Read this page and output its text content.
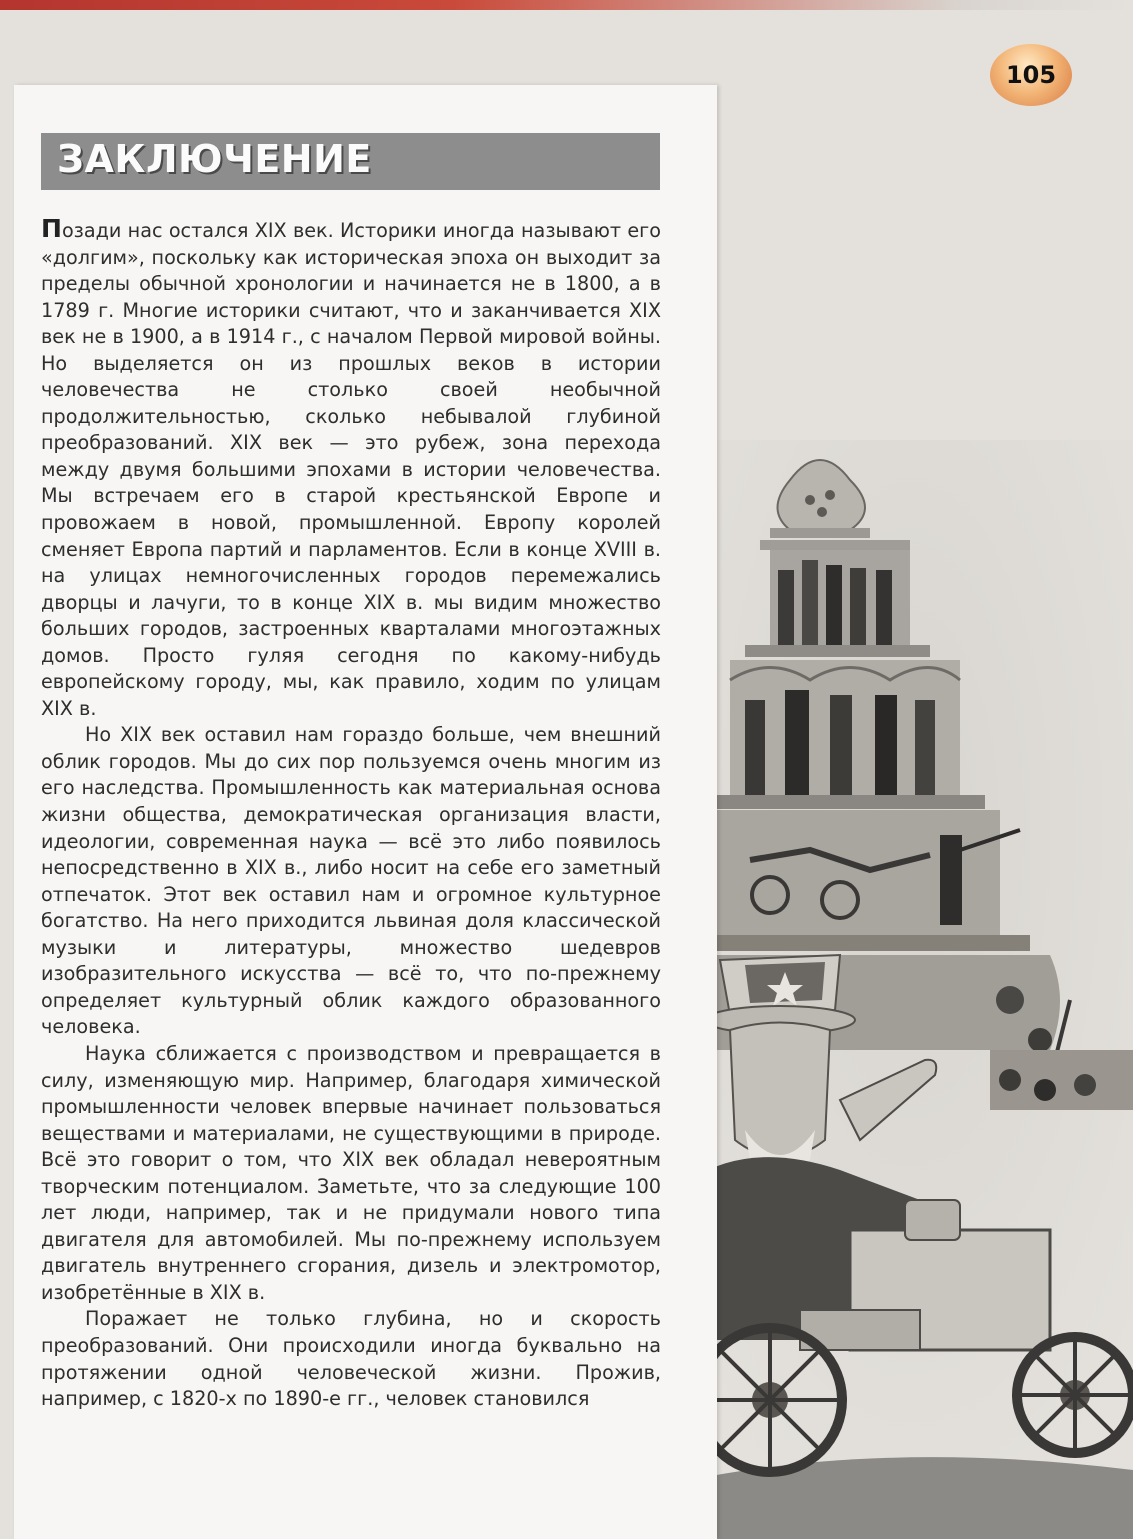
105
ЗАКЛЮЧЕНИЕ

Позади нас остался XIX век. Историки иногда называют его «долгим», поскольку как историческая эпоха он выходит за пределы обычной хронологии и начинается не в 1800, а в 1789 г. Многие историки считают, что и заканчивается XIX век не в 1900, а в 1914 г., с началом Первой мировой войны. Но выделяется он из прошлых веков в истории человечества не столько своей необычной продолжительностью, сколько небывалой глубиной преобразований. XIX век — это рубеж, зона перехода между двумя большими эпохами в истории человечества. Мы встречаем его в старой крестьянской Европе и провожаем в новой, промышленной. Европу королей сменяет Европа партий и парламентов. Если в конце XVIII в. на улицах немногочисленных городов перемежались дворцы и лачуги, то в конце XIX в. мы видим множество больших городов, застроенных кварталами многоэтажных домов. Просто гуляя сегодня по какому-нибудь европейскому городу, мы, как правило, ходим по улицам XIX в.

Но XIX век оставил нам гораздо больше, чем внешний облик городов. Мы до сих пор пользуемся очень многим из его наследства. Промышленность как материальная основа жизни общества, демократическая организация власти, идеологии, современная наука — всё это либо появилось непосредственно в XIX в., либо носит на себе его заметный отпечаток. Этот век оставил нам и огромное культурное богатство. На него приходится львиная доля классической музыки и литературы, множество шедевров изобразительного искусства — всё то, что по-прежнему определяет культурный облик каждого образованного человека.

Наука сближается с производством и превращается в силу, изменяющую мир. Например, благодаря химической промышленности человек впервые начинает пользоваться веществами и материалами, не существующими в природе. Всё это говорит о том, что XIX век обладал невероятным творческим потенциалом. Заметьте, что за следующие 100 лет люди, например, так и не придумали нового типа двигателя для автомобилей. Мы по-прежнему используем двигатель внутреннего сгорания, дизель и электромотор, изобретённые в XIX в.

Поражает не только глубина, но и скорость преобразований. Они происходили иногда буквально на протяжении одной человеческой жизни. Прожив, например, с 1820-х по 1890-е гг., человек становился
